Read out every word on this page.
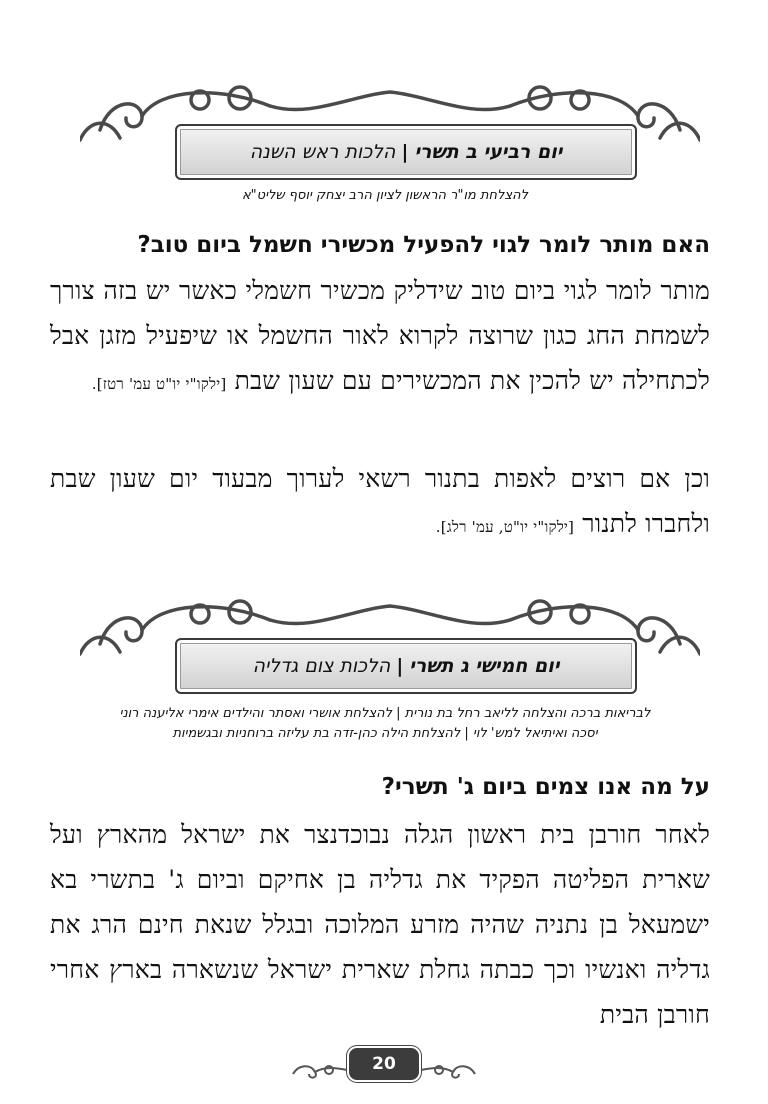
יום רביעי ב תשרי
|
הלכות ראש השנה
להצלחת מו"ר הראשון לציון הרב יצחק יוסף שליט"א
האם מותר לומר לגוי להפעיל מכשירי חשמל ביום טוב?
מותר לומר לגוי ביום טוב שידליק מכשיר חשמלי כאשר יש בזה צורך לשמחת החג כגון שרוצה לקרוא לאור החשמל או שיפעיל מזגן אבל לכתחילה יש להכין את המכשירים עם שעון שבת [ילקו"י יו"ט עמ' רטז].
וכן אם רוצים לאפות בתנור רשאי לערוך מבעוד יום שעון שבת ולחברו לתנור [ילקו"י יו"ט, עמ' רלג].
יום חמישי ג תשרי
|
הלכות צום גדליה
לבריאות ברכה והצלחה לליאב רחל בת נורית | להצלחת אושרי ואסתר והילדים אימרי אליענה רוני
יסכה ואיתיאל למש' לוי | להצלחת הילה כהן-זדה בת עליזה ברוחניות ובגשמיות
על מה אנו צמים ביום ג' תשרי?
לאחר חורבן בית ראשון הגלה נבוכדנצר את ישראל מהארץ ועל שארית הפליטה הפקיד את גדליה בן אחיקם וביום ג' בתשרי בא ישמעאל בן נתניה שהיה מזרע המלוכה ובגלל שנאת חינם הרג את גדליה ואנשיו וכך כבתה גחלת שארית ישראל שנשארה בארץ אחרי חורבן הבית
20
